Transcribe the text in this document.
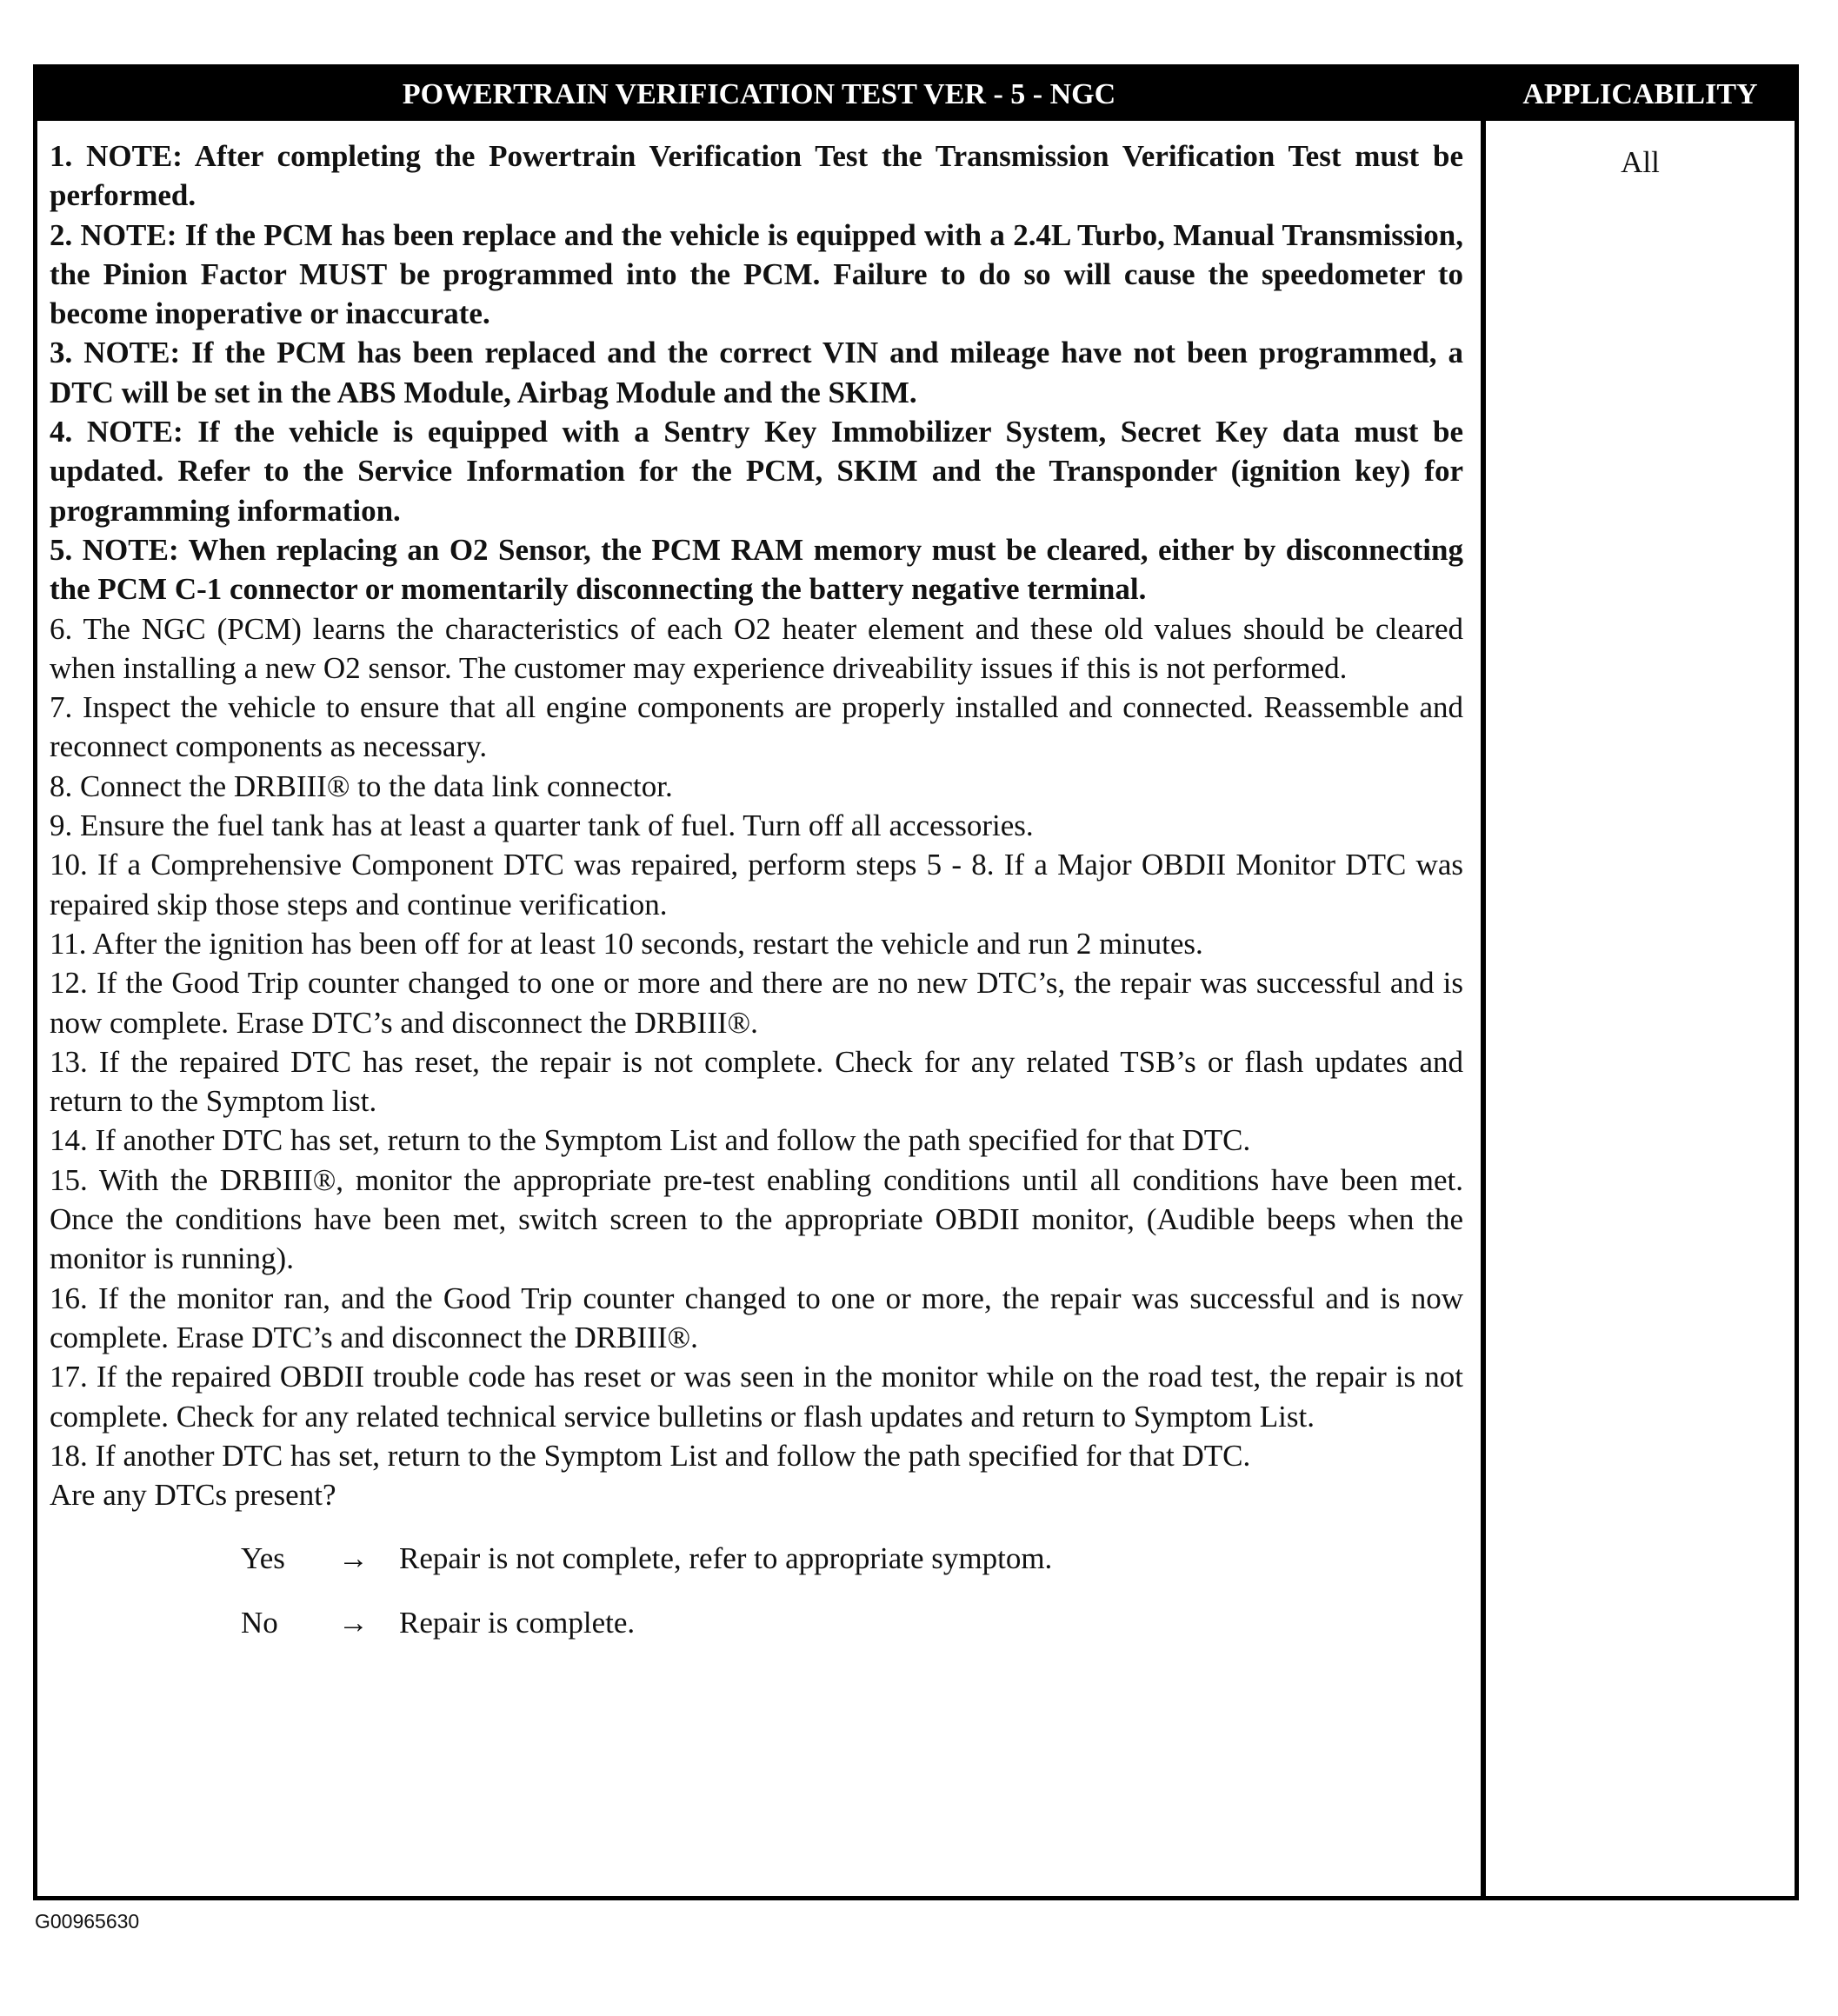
POWERTRAIN VERIFICATION TEST VER - 5 - NGC	APPLICABILITY
All

1. NOTE: After completing the Powertrain Verification Test the Transmission Verification Test must be performed.

2. NOTE: If the PCM has been replace and the vehicle is equipped with a 2.4L Turbo, Manual Transmission, the Pinion Factor MUST be programmed into the PCM. Failure to do so will cause the speedometer to become inoperative or inaccurate.

3. NOTE: If the PCM has been replaced and the correct VIN and mileage have not been programmed, a DTC will be set in the ABS Module, Airbag Module and the SKIM.

4. NOTE: If the vehicle is equipped with a Sentry Key Immobilizer System, Secret Key data must be updated. Refer to the Service Information for the PCM, SKIM and the Transponder (ignition key) for programming information.

5. NOTE: When replacing an O2 Sensor, the PCM RAM memory must be cleared, either by disconnecting the PCM C-1 connector or momentarily disconnecting the battery negative terminal.

6. The NGC (PCM) learns the characteristics of each O2 heater element and these old values should be cleared when installing a new O2 sensor. The customer may experience driveability issues if this is not performed.

7. Inspect the vehicle to ensure that all engine components are properly installed and connected. Reassemble and reconnect components as necessary.

8. Connect the DRBIII® to the data link connector.

9. Ensure the fuel tank has at least a quarter tank of fuel. Turn off all accessories.

10. If a Comprehensive Component DTC was repaired, perform steps 5 - 8. If a Major OBDII Monitor DTC was repaired skip those steps and continue verification.

11. After the ignition has been off for at least 10 seconds, restart the vehicle and run 2 minutes.

12. If the Good Trip counter changed to one or more and there are no new DTC’s, the repair was successful and is now complete. Erase DTC’s and disconnect the DRBIII®.

13. If the repaired DTC has reset, the repair is not complete. Check for any related TSB’s or flash updates and return to the Symptom list.

14. If another DTC has set, return to the Symptom List and follow the path specified for that DTC.

15. With the DRBIII®, monitor the appropriate pre-test enabling conditions until all conditions have been met. Once the conditions have been met, switch screen to the appropriate OBDII monitor, (Audible beeps when the monitor is running).

16. If the monitor ran, and the Good Trip counter changed to one or more, the repair was successful and is now complete. Erase DTC’s and disconnect the DRBIII®.

17. If the repaired OBDII trouble code has reset or was seen in the monitor while on the road test, the repair is not complete. Check for any related technical service bulletins or flash updates and return to Symptom List.

18. If another DTC has set, return to the Symptom List and follow the path specified for that DTC.

Are any DTCs present?

Yes	→	Repair is not complete, refer to appropriate symptom.
No	→	Repair is complete.
G00965630
